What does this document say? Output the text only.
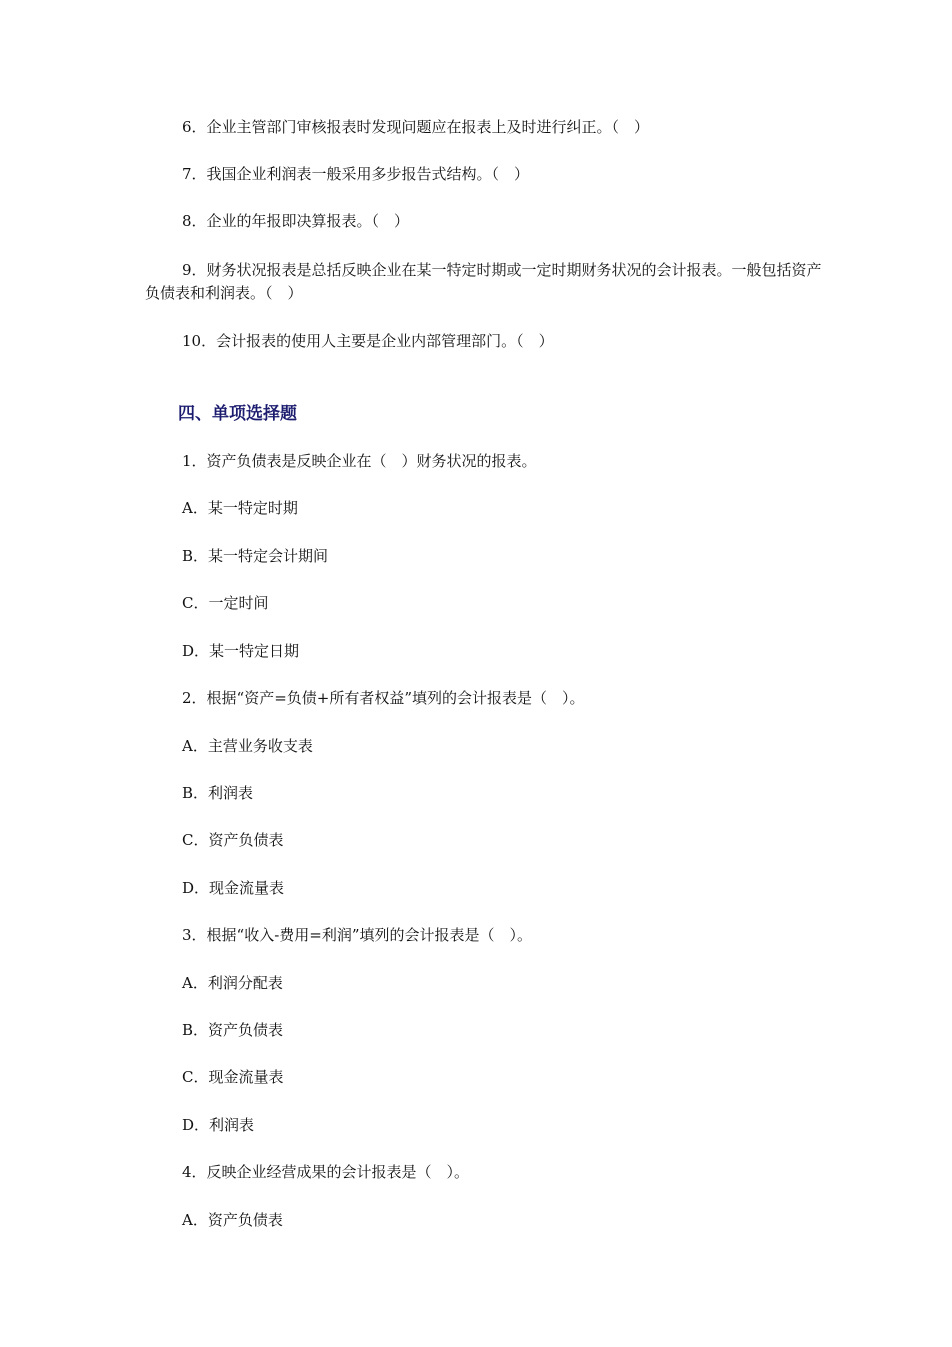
6．企业主管部门审核报表时发现问题应在报表上及时进行纠正。（　）
7．我国企业利润表一般采用多步报告式结构。（　）
8．企业的年报即决算报表。（　）
9．财务状况报表是总括反映企业在某一特定时期或一定时期财务状况的会计报表。一般包括资产负债表和利润表。（　）
10．会计报表的使用人主要是企业内部管理部门。（　）
四、单项选择题
1．资产负债表是反映企业在（　）财务状况的报表。
A．某一特定时期
B．某一特定会计期间
C．一定时间
D．某一特定日期
2．根据“资产=负债+所有者权益”填列的会计报表是（　）。
A．主营业务收支表
B．利润表
C．资产负债表
D．现金流量表
3．根据“收入-费用=利润”填列的会计报表是（　）。
A．利润分配表
B．资产负债表
C．现金流量表
D．利润表
4．反映企业经营成果的会计报表是（　）。
A．资产负债表
